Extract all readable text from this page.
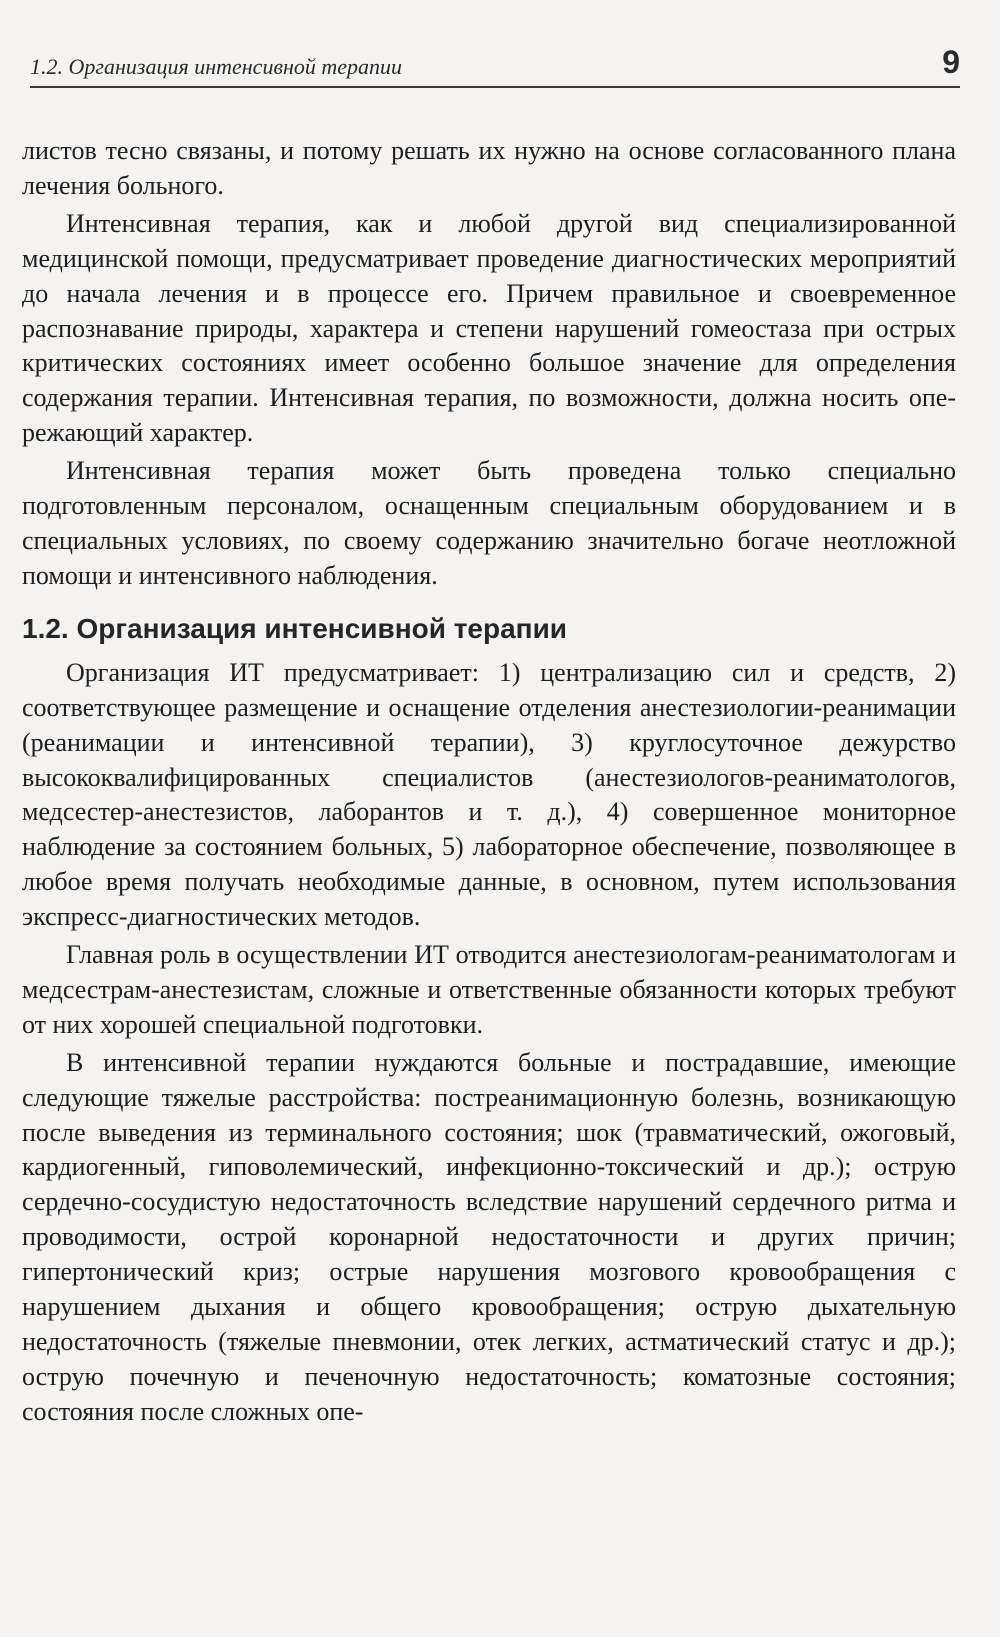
1.2. Организация интенсивной терапии	9

листов тесно связаны, и потому решать их нужно на основе согласованного плана лечения больного.

Интенсивная терапия, как и любой другой вид специализированной медицинской помощи, предусматривает проведение диагностических мероприятий до начала лечения и в процессе его. Причем правильное и своевременное распознавание природы, характера и степени нарушений гомеостаза при острых критических состояниях имеет особенно большое значение для определения содержания терапии. Интенсивная терапия, по возможности, должна носить опережающий характер.

Интенсивная терапия может быть проведена только специально подготовленным персоналом, оснащенным специальным оборудованием и в специальных условиях, по своему содержанию значительно богаче неотложной помощи и интенсивного наблюдения.

1.2. Организация интенсивной терапии

Организация ИТ предусматривает: 1) централизацию сил и средств, 2) соответствующее размещение и оснащение отделения анестезиологии-реанимации (реанимации и интенсивной терапии), 3) круглосуточное дежурство высококвалифицированных специалистов (анестезиологов-реаниматологов, медсестер-анестезистов, лаборантов и т. д.), 4) совершенное мониторное наблюдение за состоянием больных, 5) лабораторное обеспечение, позволяющее в любое время получать необходимые данные, в основном, путем использования экспресс-диагностических методов.

Главная роль в осуществлении ИТ отводится анестезиологам-реаниматологам и медсестрам-анестезистам, сложные и ответственные обязанности которых требуют от них хорошей специальной подготовки.

В интенсивной терапии нуждаются больные и пострадавшие, имеющие следующие тяжелые расстройства: постреанимационную болезнь, возникающую после выведения из терминального состояния; шок (травматический, ожоговый, кардиогенный, гиповолемический, инфекционно-токсический и др.); острую сердечно-сосудистую недостаточность вследствие нарушений сердечного ритма и проводимости, острой коронарной недостаточности и других причин; гипертонический криз; острые нарушения мозгового кровообращения с нарушением дыхания и общего кровообращения; острую дыхательную недостаточность (тяжелые пневмонии, отек легких, астматический статус и др.); острую почечную и печеночную недостаточность; коматозные состояния; состояния после сложных опе-
